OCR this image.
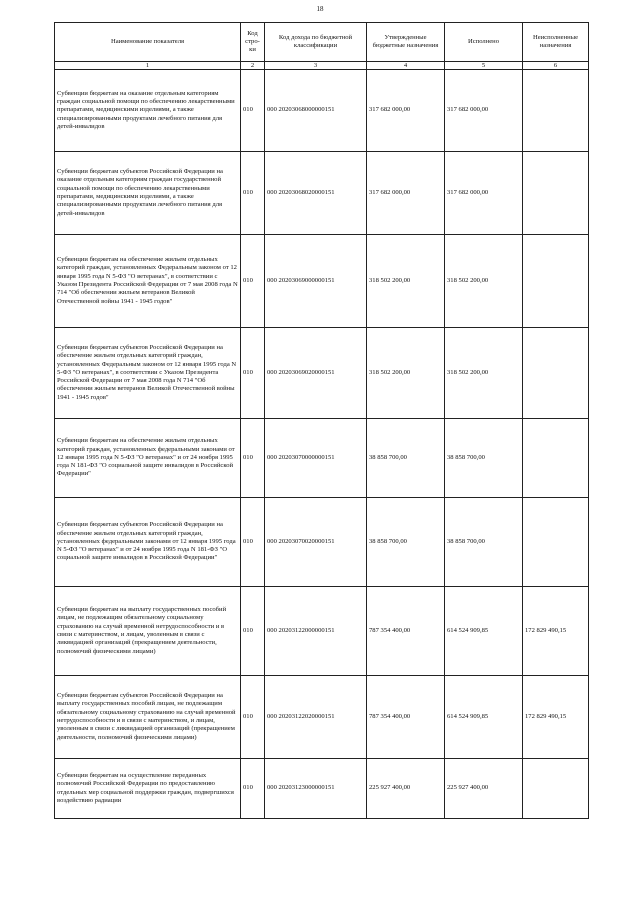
18
Наименование показателя	Код стро- ки	Код дохода по бюджетной классификации	Утвержденные бюджетные назначения	Исполнено	Неисполненные назначения
1	2	3	4	5	6
Субвенции бюджетам на оказание отдельным категориям граждан социальной помощи по обеспечению лекарственными препаратами, медицинскими изделиями, а также специализированными продуктами лечебного питания для детей-инвалидов	010	000 20203068000000151	317 682 000,00	317 682 000,00	
Субвенции бюджетам субъектов Российской Федерации на оказание отдельным категориям граждан государственной социальной помощи по обеспечению лекарственными препаратами, медицинскими изделиями, а также специализированными продуктами лечебного питания для детей-инвалидов	010	000 20203068020000151	317 682 000,00	317 682 000,00	
Субвенции бюджетам на обеспечение жильем отдельных категорий граждан, установленных Федеральным законом от 12 января 1995 года N 5-ФЗ "О ветеранах", в соответствии с Указом Президента Российской Федерации от 7 мая 2008 года N 714 "Об обеспечении жильем ветеранов Великой Отечественной войны 1941 - 1945 годов"	010	000 20203069000000151	318 502 200,00	318 502 200,00	
Субвенции бюджетам субъектов Российской Федерации на обеспечение жильем отдельных категорий граждан, установленных Федеральным законом от 12 января 1995 года N 5-ФЗ "О ветеранах", в соответствии с Указом Президента Российской Федерации от 7 мая 2008 года N 714 "Об обеспечении жильем ветеранов Великой Отечественной войны 1941 - 1945 годов"	010	000 20203069020000151	318 502 200,00	318 502 200,00	
Субвенции бюджетам на обеспечение жильем отдельных категорий граждан, установленных федеральными законами от 12 января 1995 года N 5-ФЗ "О ветеранах" и от 24 ноября 1995 года N 181-ФЗ "О социальной защите инвалидов в Российской Федерации"	010	000 20203070000000151	38 858 700,00	38 858 700,00	
Субвенции бюджетам субъектов Российской Федерации на обеспечение жильем отдельных категорий граждан, установленных федеральными законами от 12 января 1995 года N 5-ФЗ "О ветеранах" и от 24 ноября 1995 года N 181-ФЗ "О социальной защите инвалидов в Российской Федерации"	010	000 20203070020000151	38 858 700,00	38 858 700,00	
Субвенции бюджетам на выплату государственных пособий лицам, не подлежащим обязательному социальному страхованию на случай временной нетрудоспособности и в связи с материнством, и лицам, уволенным в связи с ликвидацией организаций (прекращением деятельности, полномочий физическими лицами)	010	000 20203122000000151	787 354 400,00	614 524 909,85	172 829 490,15
Субвенции бюджетам субъектов Российской Федерации на выплату государственных пособий лицам, не подлежащим обязательному социальному страхованию на случай временной нетрудоспособности и в связи с материнством, и лицам, уволенным в связи с ликвидацией организаций (прекращением деятельности, полномочий физическими лицами)	010	000 20203122020000151	787 354 400,00	614 524 909,85	172 829 490,15
Субвенции бюджетам на осуществление переданных полномочий Российской Федерации по предоставлению отдельных мер социальной поддержки граждан, подвергшихся воздействию радиации	010	000 20203123000000151	225 927 400,00	225 927 400,00	
